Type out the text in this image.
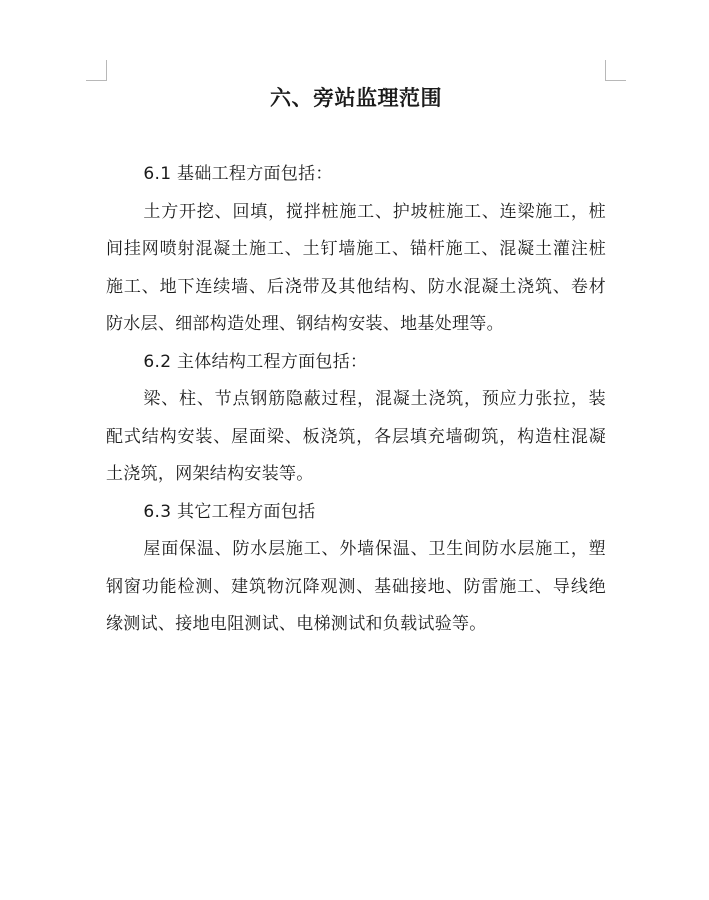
六、旁站监理范围

6.1 基础工程方面包括：

土方开挖、回填，搅拌桩施工、护坡桩施工、连梁施工，桩间挂网喷射混凝土施工、土钉墙施工、锚杆施工、混凝土灌注桩施工、地下连续墙、后浇带及其他结构、防水混凝土浇筑、卷材防水层、细部构造处理、钢结构安装、地基处理等。

6.2 主体结构工程方面包括：

梁、柱、节点钢筋隐蔽过程，混凝土浇筑，预应力张拉，装配式结构安装、屋面梁、板浇筑，各层填充墙砌筑，构造柱混凝土浇筑，网架结构安装等。

6.3 其它工程方面包括

屋面保温、防水层施工、外墙保温、卫生间防水层施工，塑钢窗功能检测、建筑物沉降观测、基础接地、防雷施工、导线绝缘测试、接地电阻测试、电梯测试和负载试验等。
